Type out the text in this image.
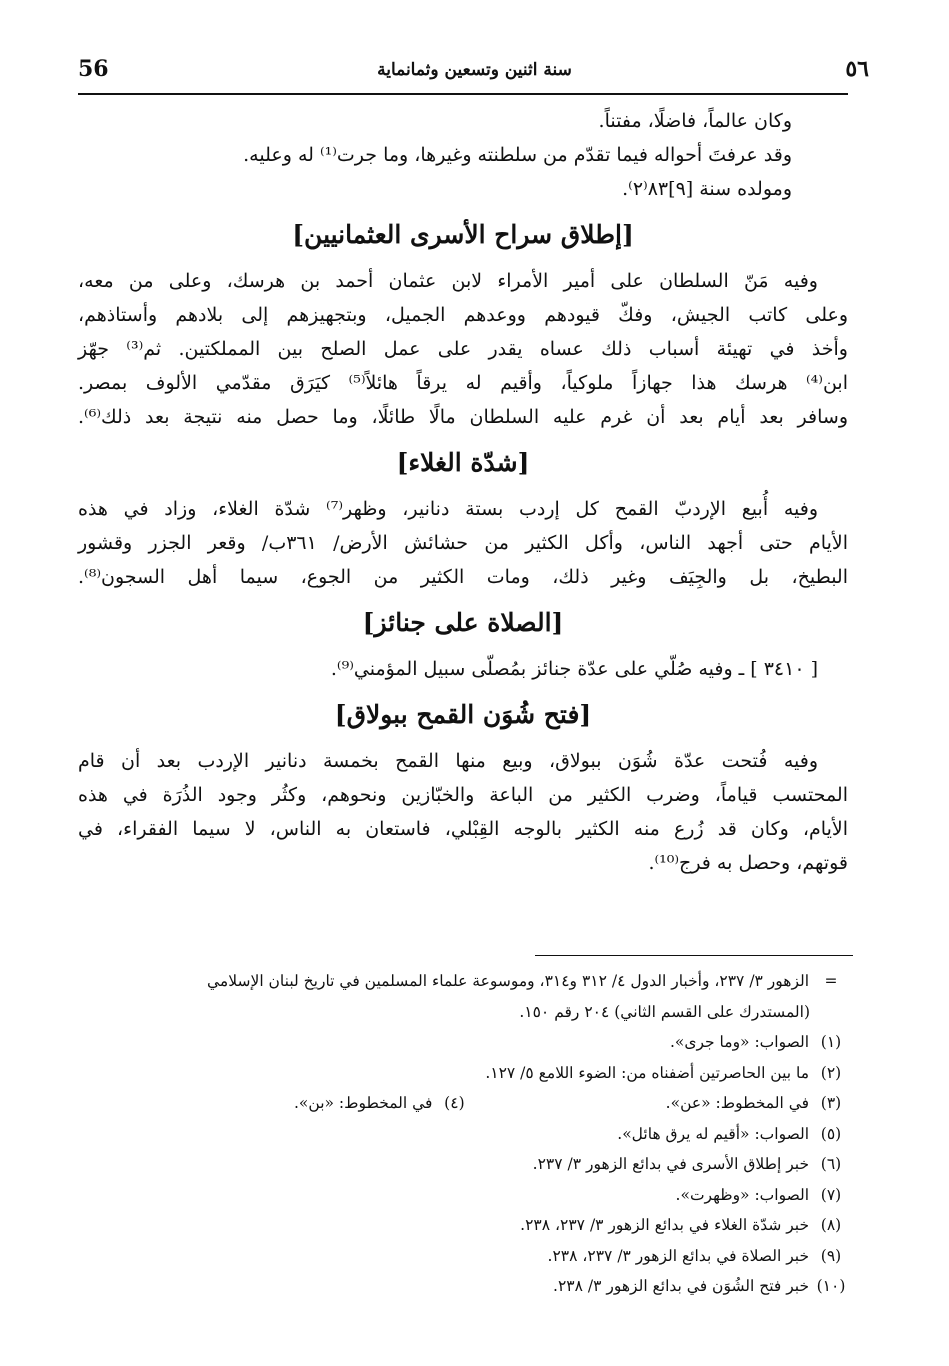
56	سنة اثنين وتسعين وثمانماية	٥٦
وكان عالماً، فاضلًا، مفتناً.
وقد عرفتَ أحواله فيما تقدّم من سلطنته وغيرها، وما جرت⁽¹⁾ له وعليه.
ومولده سنة [٩]٨٣⁽٢⁾.
[إطلاق سراح الأسرى العثمانيين]
وفيه مَنّ السلطان على أمير الأمراء لابن عثمان أحمد بن هرسك، وعلى من معه،
وعلى كاتب الجيش، وفكّ قيودهم ووعدهم الجميل، وبتجهيزهم إلى بلادهم وأستاذهم،
وأخذ في تهيئة أسباب ذلك عساه يقدر على عمل الصلح بين المملكتين. ثم⁽³⁾ جهّز
ابن⁽⁴⁾ هرسك هذا جهازاً ملوكياً، وأقيم له يرقاً هائلاً⁽⁵⁾ كيَرَق مقدّمي الألوف بمصر.
وسافر بعد أيام بعد أن غرم عليه السلطان مالًا طائلًا، وما حصل منه نتيجة بعد ذلك⁽⁶⁾.
[شدّة الغلاء]
وفيه أُبيع الإردبّ القمح كل إردب بستة دنانير، وظهر⁽⁷⁾ شدّة الغلاء، وزاد في هذه
الأيام حتى أجهد الناس، وأكل الكثير من حشائش الأرض/ ٣٦١ب/ وقعر الجزر وقشور
البطيخ، بل والجِيَف وغير ذلك، ومات الكثير من الجوع، سيما أهل السجون⁽⁸⁾.
[الصلاة على جنائز]
[ ٣٤١٠ ] ـ وفيه صُلّي على عدّة جنائز بمُصلّى سبيل المؤمني⁽⁹⁾.
[فتح شُوَن القمح ببولاق]
وفيه فُتحت عدّة شُوَن ببولاق، وبيع منها القمح بخمسة دنانير الإردب بعد أن قام
المحتسب قياماً، وضرب الكثير من الباعة والخبّازين ونحوهم، وكثُر وجود الذُرَة في هذه
الأيام، وكان قد زُرع منه الكثير بالوجه القِبْلي، فاستعان به الناس، لا سيما الفقراء، في
قوتهم، وحصل به فرج⁽¹⁰⁾.
= الزهور ٣/ ٢٣٧، وأخبار الدول ٤/ ٣١٢ و٣١٤، وموسوعة علماء المسلمين في تاريخ لبنان الإسلامي
(المستدرك على القسم الثاني) ٢٠٤ رقم ١٥٠.
(١) الصواب: «وما جرى».
(٢) ما بين الحاصرتين أضفناه من: الضوء اللامع ٥/ ١٢٧.
(٣) في المخطوط: «عن».
(٤) في المخطوط: «بن».
(٥) الصواب: «أقيم له يرق هائل».
(٦) خبر إطلاق الأسرى في بدائع الزهور ٣/ ٢٣٧.
(٧) الصواب: «وظهرت».
(٨) خبر شدّة الغلاء في بدائع الزهور ٣/ ٢٣٧، ٢٣٨.
(٩) خبر الصلاة في بدائع الزهور ٣/ ٢٣٧، ٢٣٨.
(١٠) خبر فتح الشُوَن في بدائع الزهور ٣/ ٢٣٨.
